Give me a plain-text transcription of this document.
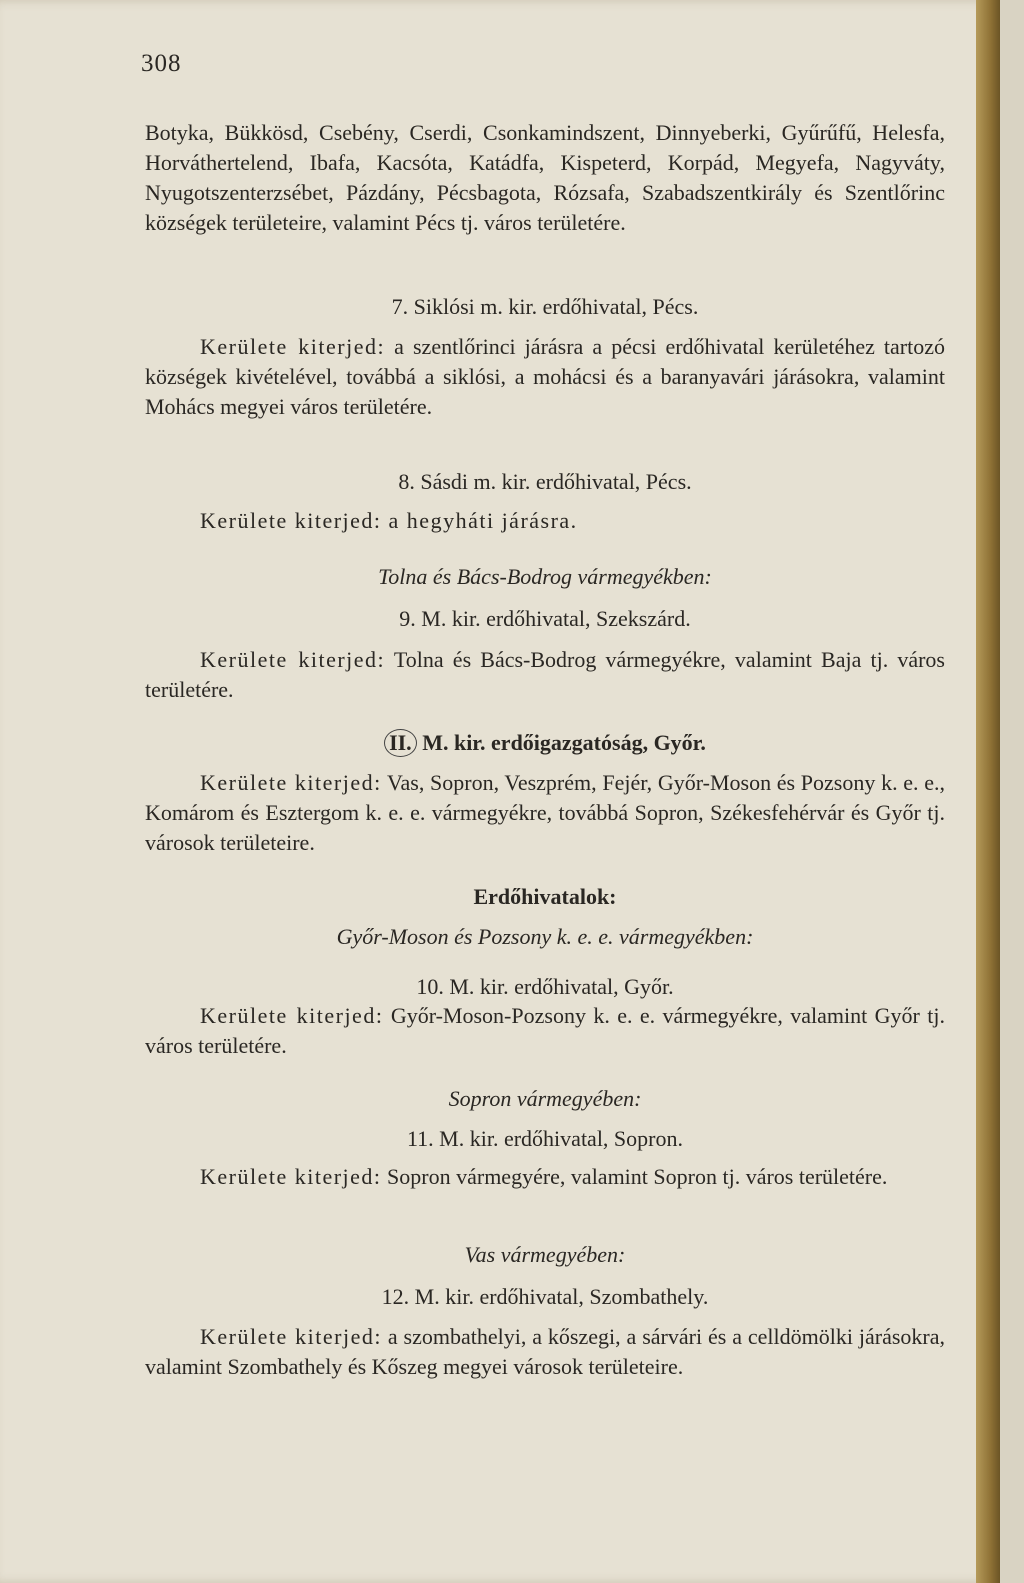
308
Botyka, Bükkösd, Csebény, Cserdi, Csonkamindszent, Dinnyeberki, Gyűrűfű, Helesfa, Horváthertelend, Ibafa, Kacsóta, Katádfa, Kispeterd, Korpád, Megyefa, Nagyváty, Nyugotszenterzsébet, Pázdány, Pécsbagota, Rózsafa, Szabadszentkirály és Szentlőrinc községek területeire, valamint Pécs tj. város területére.
7. Siklósi m. kir. erdőhivatal, Pécs.
Kerülete kiterjed: a szentlőrinci járásra a pécsi erdőhivatal kerületéhez tartozó községek kivételével, továbbá a siklósi, a mohácsi és a baranyavári járásokra, valamint Mohács megyei város területére.
8. Sásdi m. kir. erdőhivatal, Pécs.
Kerülete kiterjed: a hegyháti járásra.
Tolna és Bács-Bodrog vármegyékben:
9. M. kir. erdőhivatal, Szekszárd.
Kerülete kiterjed: Tolna és Bács-Bodrog vármegyékre, valamint Baja tj. város területére.
II. M. kir. erdőigazgatóság, Győr.
Kerülete kiterjed: Vas, Sopron, Veszprém, Fejér, Győr-Moson és Pozsony k. e. e., Komárom és Esztergom k. e. e. vármegyékre, továbbá Sopron, Székesfehérvár és Győr tj. városok területeire.
Erdőhivatalok:
Győr-Moson és Pozsony k. e. e. vármegyékben:
10. M. kir. erdőhivatal, Győr.
Kerülete kiterjed: Győr-Moson-Pozsony k. e. e. vármegyékre, valamint Győr tj. város területére.
Sopron vármegyében:
11. M. kir. erdőhivatal, Sopron.
Kerülete kiterjed: Sopron vármegyére, valamint Sopron tj. város területére.
Vas vármegyében:
12. M. kir. erdőhivatal, Szombathely.
Kerülete kiterjed: a szombathelyi, a kőszegi, a sárvári és a celldömölki járásokra, valamint Szombathely és Kőszeg megyei városok területeire.
